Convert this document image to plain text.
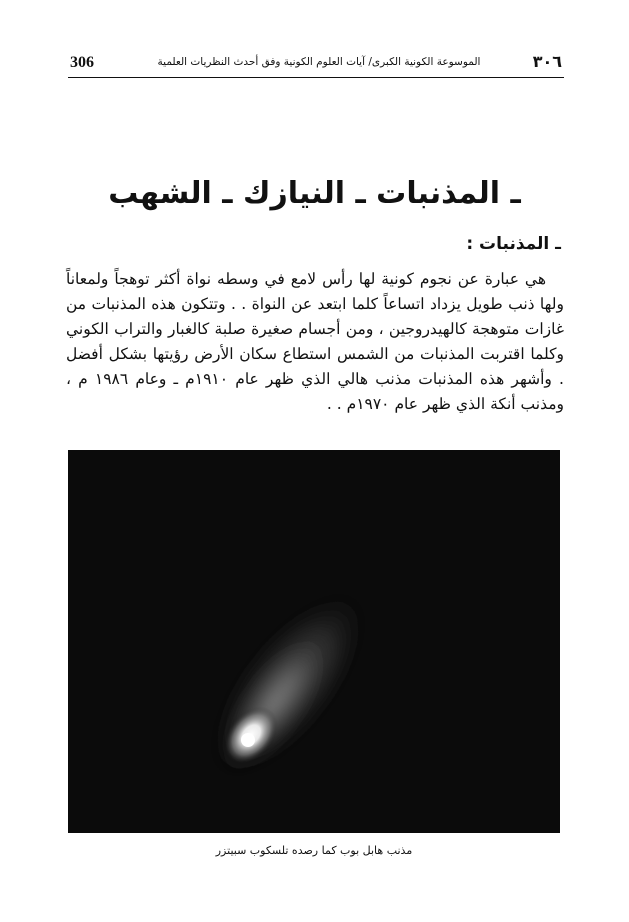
306	الموسوعة الكونية الكبرى/ آيات العلوم الكونية وفق أحدث النظريات العلمية	٣٠٦
ـ المذنبات ـ النيازك ـ الشهب
ـ المذنبات :

هي عبارة عن نجوم كونية لها رأس لامع في وسطه نواة أكثر توهجاً ولمعاناً ولها ذنب طويل يزداد اتساعاً كلما ابتعد عن النواة . . وتتكون هذه المذنبات من غازات متوهجة كالهيدروجين ، ومن أجسام صغيرة صلبة كالغبار والتراب الكوني وكلما اقتربت المذنبات من الشمس استطاع سكان الأرض رؤيتها بشكل أفضل . وأشهر هذه المذنبات مذنب هالي الذي ظهر عام ١٩١٠م ـ وعام ١٩٨٦ م ، ومذنب أنكة الذي ظهر عام ١٩٧٠م . .

مذنب هابل بوب كما رصده تلسكوب سبيتزر
